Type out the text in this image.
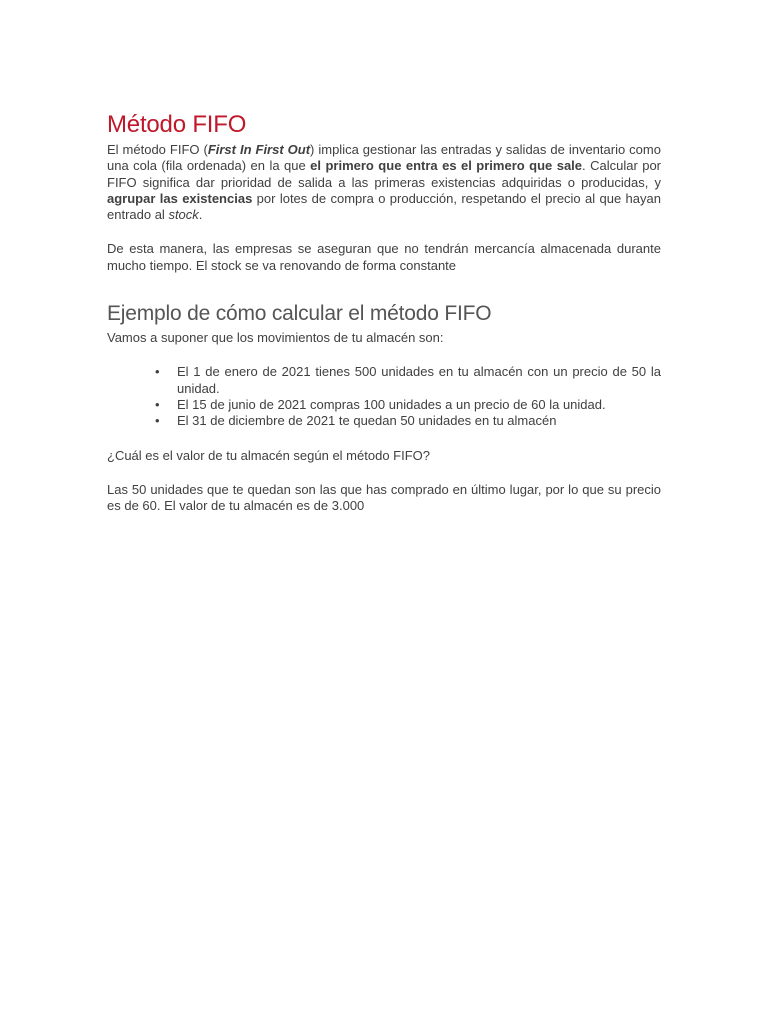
Método FIFO

El método FIFO (First In First Out) implica gestionar las entradas y salidas de inventario como una cola (fila ordenada) en la que el primero que entra es el primero que sale. Calcular por FIFO significa dar prioridad de salida a las primeras existencias adquiridas o producidas, y agrupar las existencias por lotes de compra o producción, respetando el precio al que hayan entrado al stock.

De esta manera, las empresas se aseguran que no tendrán mercancía almacenada durante mucho tiempo. El stock se va renovando de forma constante

Ejemplo de cómo calcular el método FIFO

Vamos a suponer que los movimientos de tu almacén son:

• El 1 de enero de 2021 tienes 500 unidades en tu almacén con un precio de 50 la unidad.
• El 15 de junio de 2021 compras 100 unidades a un precio de 60 la unidad.
• El 31 de diciembre de 2021 te quedan 50 unidades en tu almacén

¿Cuál es el valor de tu almacén según el método FIFO?

Las 50 unidades que te quedan son las que has comprado en último lugar, por lo que su precio es de 60. El valor de tu almacén es de 3.000
